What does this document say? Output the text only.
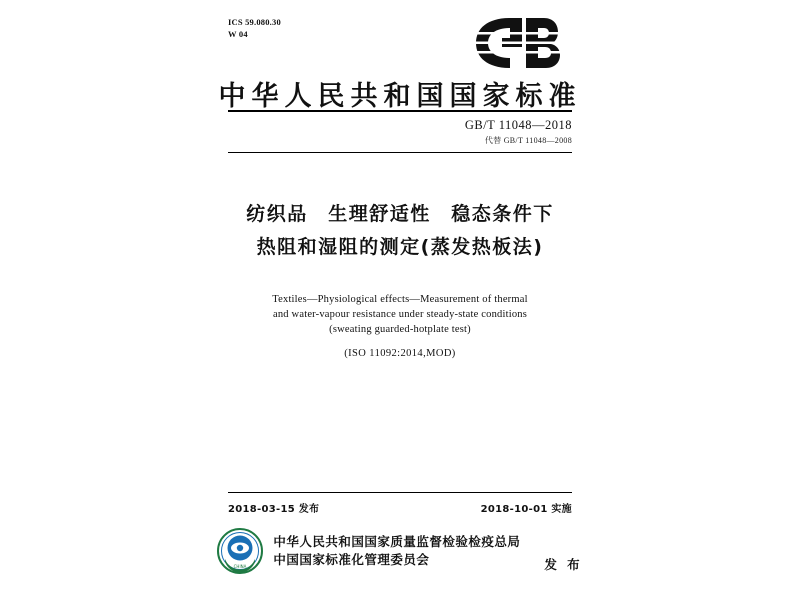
ICS 59.080.30
W 04
中华人民共和国国家标准
GB/T 11048—2018
代替 GB/T 11048—2008
纺织品　生理舒适性　稳态条件下
热阻和湿阻的测定(蒸发热板法)
Textiles—Physiological effects—Measurement of thermal
and water-vapour resistance under steady-state conditions
(sweating guarded-hotplate test)
(ISO 11092:2014,MOD)
2018-03-15 发布	2018-10-01 实施
CHINA
中华人民共和国国家质量监督检验检疫总局
中国国家标准化管理委员会	发 布
